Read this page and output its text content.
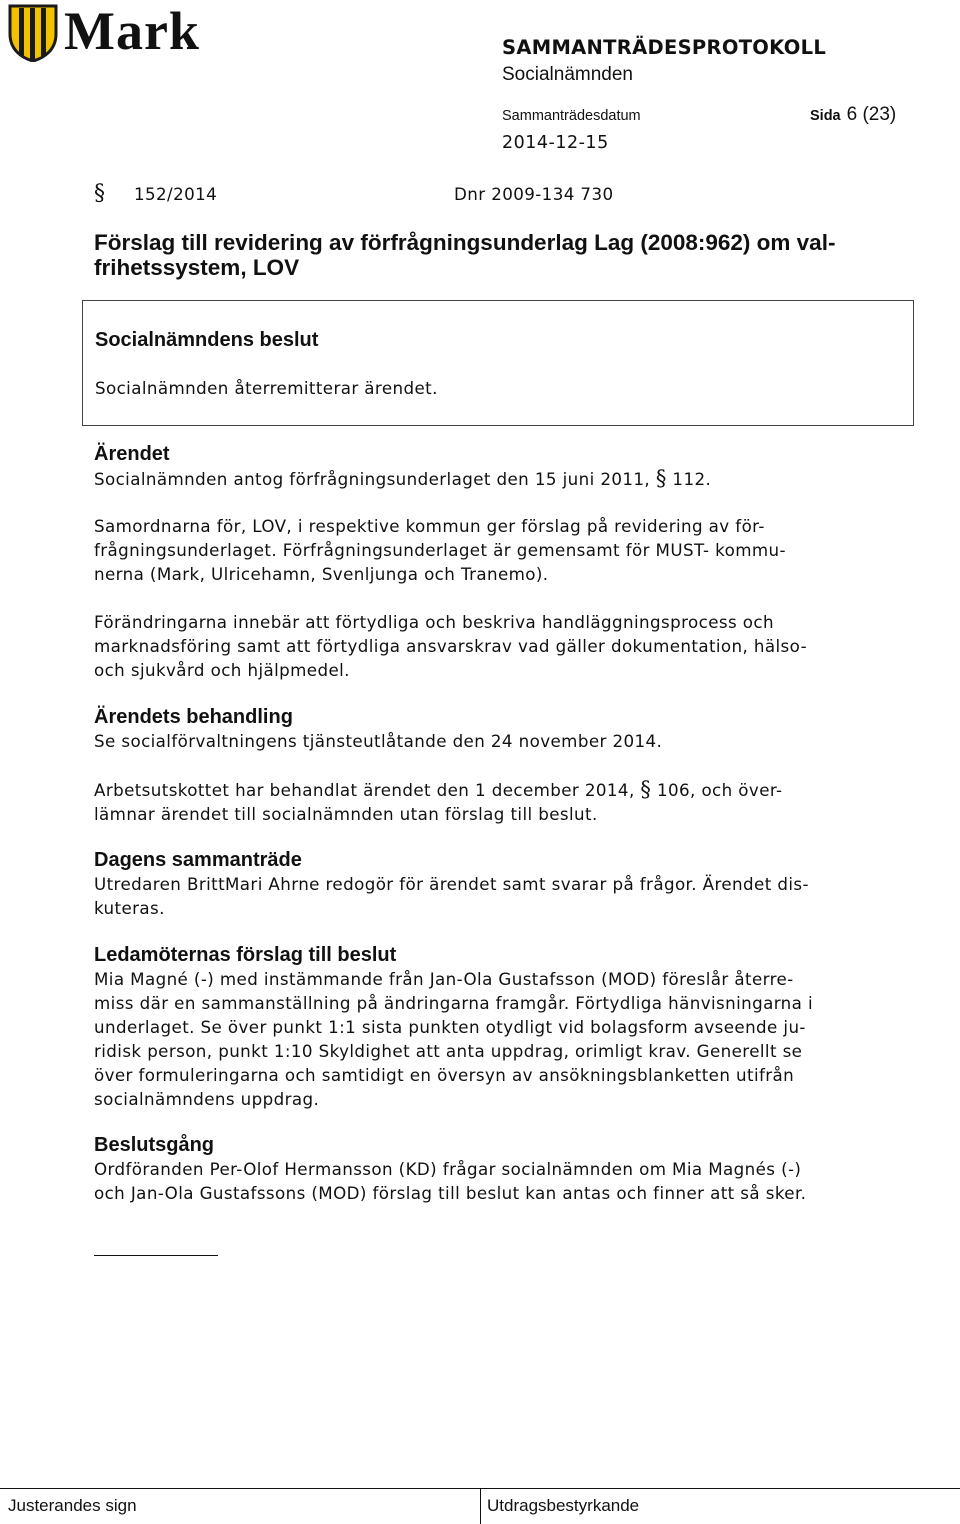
Mark	SAMMANTRÄDESPROTOKOLL
Socialnämnden
Sammanträdesdatum	Sida 6 (23)
2014-12-15
§	152/2014	Dnr 2009-134 730
Förslag till revidering av förfrågningsunderlag Lag (2008:962) om val-
frihetssystem, LOV
Socialnämndens beslut
Socialnämnden återremitterar ärendet.
Ärendet
Socialnämnden antog förfrågningsunderlaget den 15 juni 2011, § 112.
Samordnarna för, LOV, i respektive kommun ger förslag på revidering av för-
frågningsunderlaget. Förfrågningsunderlaget är gemensamt för MUST- kommu-
nerna (Mark, Ulricehamn, Svenljunga och Tranemo).
Förändringarna innebär att förtydliga och beskriva handläggningsprocess och
marknadsföring samt att förtydliga ansvarskrav vad gäller dokumentation, hälso-
och sjukvård och hjälpmedel.
Ärendets behandling
Se socialförvaltningens tjänsteutlåtande den 24 november 2014.
Arbetsutskottet har behandlat ärendet den 1 december 2014, § 106, och över-
lämnar ärendet till socialnämnden utan förslag till beslut.
Dagens sammanträde
Utredaren BrittMari Ahrne redogör för ärendet samt svarar på frågor. Ärendet dis-
kuteras.
Ledamöternas förslag till beslut
Mia Magné (-) med instämmande från Jan-Ola Gustafsson (MOD) föreslår återre-
miss där en sammanställning på ändringarna framgår. Förtydliga hänvisningarna i
underlaget. Se över punkt 1:1 sista punkten otydligt vid bolagsform avseende ju-
ridisk person, punkt 1:10 Skyldighet att anta uppdrag, orimligt krav. Generellt se
över formuleringarna och samtidigt en översyn av ansökningsblanketten utifrån
socialnämndens uppdrag.
Beslutsgång
Ordföranden Per-Olof Hermansson (KD) frågar socialnämnden om Mia Magnés (-)
och Jan-Ola Gustafssons (MOD) förslag till beslut kan antas och finner att så sker.
Justerandes sign	Utdragsbestyrkande
